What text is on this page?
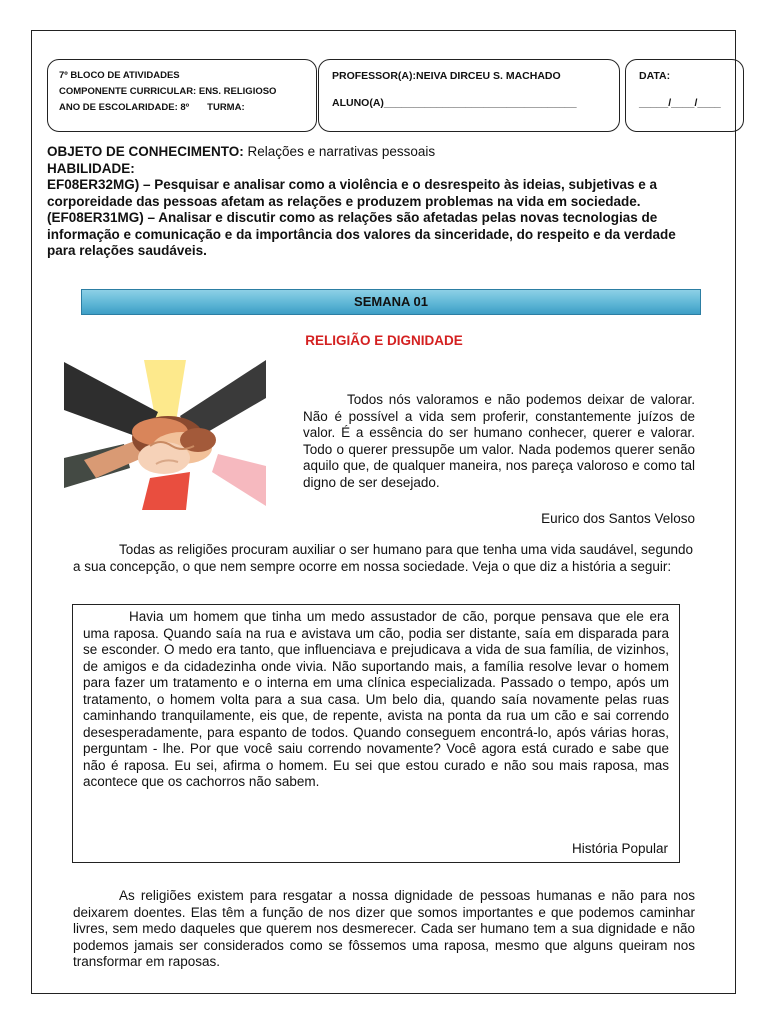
7º BLOCO DE ATIVIDADES
COMPONENTE CURRICULAR: ENS. RELIGIOSO
ANO DE ESCOLARIDADE: 8º TURMA:
PROFESSOR(A):NEIVA DIRCEU S. MACHADO
ALUNO(A)_________________________________
DATA:
_____/____/____
OBJETO DE CONHECIMENTO: Relações e narrativas pessoais
HABILIDADE:
EF08ER32MG) – Pesquisar e analisar como a violência e o desrespeito às ideias, subjetivas e a corporeidade das pessoas afetam as relações e produzem problemas na vida em sociedade.
(EF08ER31MG) – Analisar e discutir como as relações são afetadas pelas novas tecnologias de informação e comunicação e da importância dos valores da sinceridade, do respeito e da verdade para relações saudáveis.
SEMANA 01
RELIGIÃO E DIGNIDADE

Todos nós valoramos e não podemos deixar de valorar. Não é possível a vida sem proferir, constantemente juízos de valor. É a essência do ser humano conhecer, querer e valorar. Todo o querer pressupõe um valor. Nada podemos querer senão aquilo que, de qualquer maneira, nos pareça valoroso e como tal digno de ser desejado.

Eurico dos Santos Veloso

Todas as religiões procuram auxiliar o ser humano para que tenha uma vida saudável, segundo a sua concepção, o que nem sempre ocorre em nossa sociedade. Veja o que diz a história a seguir:

Havia um homem que tinha um medo assustador de cão, porque pensava que ele era uma raposa. Quando saía na rua e avistava um cão, podia ser distante, saía em disparada para se esconder. O medo era tanto, que influenciava e prejudicava a vida de sua família, de vizinhos, de amigos e da cidadezinha onde vivia. Não suportando mais, a família resolve levar o homem para fazer um tratamento e o interna em uma clínica especializada. Passado o tempo, após um tratamento, o homem volta para a sua casa. Um belo dia, quando saía novamente pelas ruas caminhando tranquilamente, eis que, de repente, avista na ponta da rua um cão e sai correndo desesperadamente, para espanto de todos. Quando conseguem encontrá-lo, após várias horas, perguntam - lhe. Por que você saiu correndo novamente? Você agora está curado e sabe que não é raposa. Eu sei, afirma o homem. Eu sei que estou curado e não sou mais raposa, mas acontece que os cachorros não sabem.

História Popular

As religiões existem para resgatar a nossa dignidade de pessoas humanas e não para nos deixarem doentes. Elas têm a função de nos dizer que somos importantes e que podemos caminhar livres, sem medo daqueles que querem nos desmerecer. Cada ser humano tem a sua dignidade e não podemos jamais ser considerados como se fôssemos uma raposa, mesmo que alguns queiram nos transformar em raposas.
